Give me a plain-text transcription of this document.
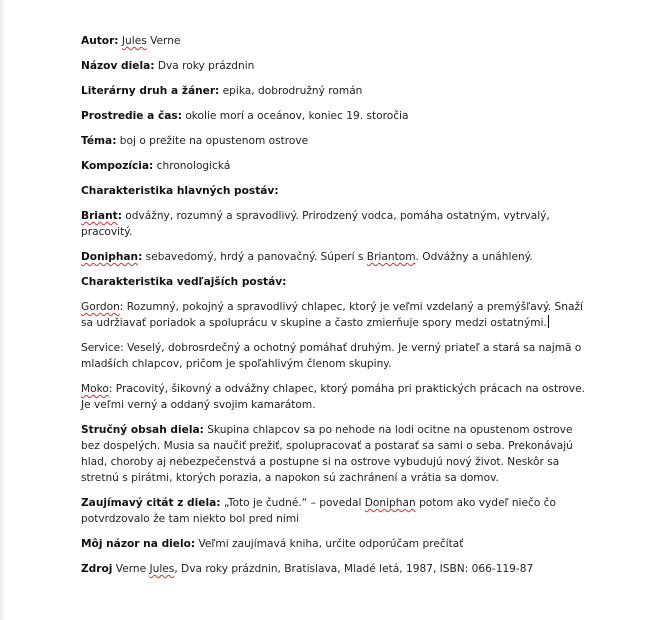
Autor: Jules Verne

Názov diela: Dva roky prázdnin

Literárny druh a žáner: epika, dobrodružný román

Prostredie a čas: okolie morí a oceánov, koniec 19. storočia

Téma: boj o prežite na opustenom ostrove

Kompozícia: chronologická

Charakteristika hlavných postáv:

Briant: odvážny, rozumný a spravodlivý. Prirodzený vodca, pomáha ostatným, vytrvalý, pracovitý.

Doniphan: sebavedomý, hrdý a panovačný. Súperí s Briantom. Odvážny a unáhlený.

Charakteristika vedľajších postáv:

Gordon: Rozumný, pokojný a spravodlivý chlapec, ktorý je veľmi vzdelaný a premýšľavý. Snaží sa udržiavať poriadok a spoluprácu v skupine a často zmierňuje spory medzi ostatnými.

Service: Veselý, dobrosrdečný a ochotný pomáhať druhým. Je verný priateľ a stará sa najmä o mladších chlapcov, pričom je spoľahlivým členom skupiny.

Moko: Pracovitý, šikovný a odvážny chlapec, ktorý pomáha pri praktických prácach na ostrove. Je veľmi verný a oddaný svojim kamarátom.

Stručný obsah diela: Skupina chlapcov sa po nehode na lodi ocitne na opustenom ostrove bez dospelých. Musia sa naučiť prežiť, spolupracovať a postarať sa sami o seba. Prekonávajú hlad, choroby aj nebezpečenstvá a postupne si na ostrove vybudujú nový život. Neskôr sa stretnú s pirátmi, ktorých porazia, a napokon sú zachránení a vrátia sa domov.

Zaujímavý citát z diela: „Toto je čudné.“ – povedal Doniphan potom ako vydeľ niečo čo potvrdzovalo že tam niekto bol pred nimi

Môj názor na dielo: Veľmi zaujímavá kniha, určite odporúčam prečítať

Zdroj Verne Jules, Dva roky prázdnin, Bratislava, Mladé letá, 1987, ISBN: 066-119-87
